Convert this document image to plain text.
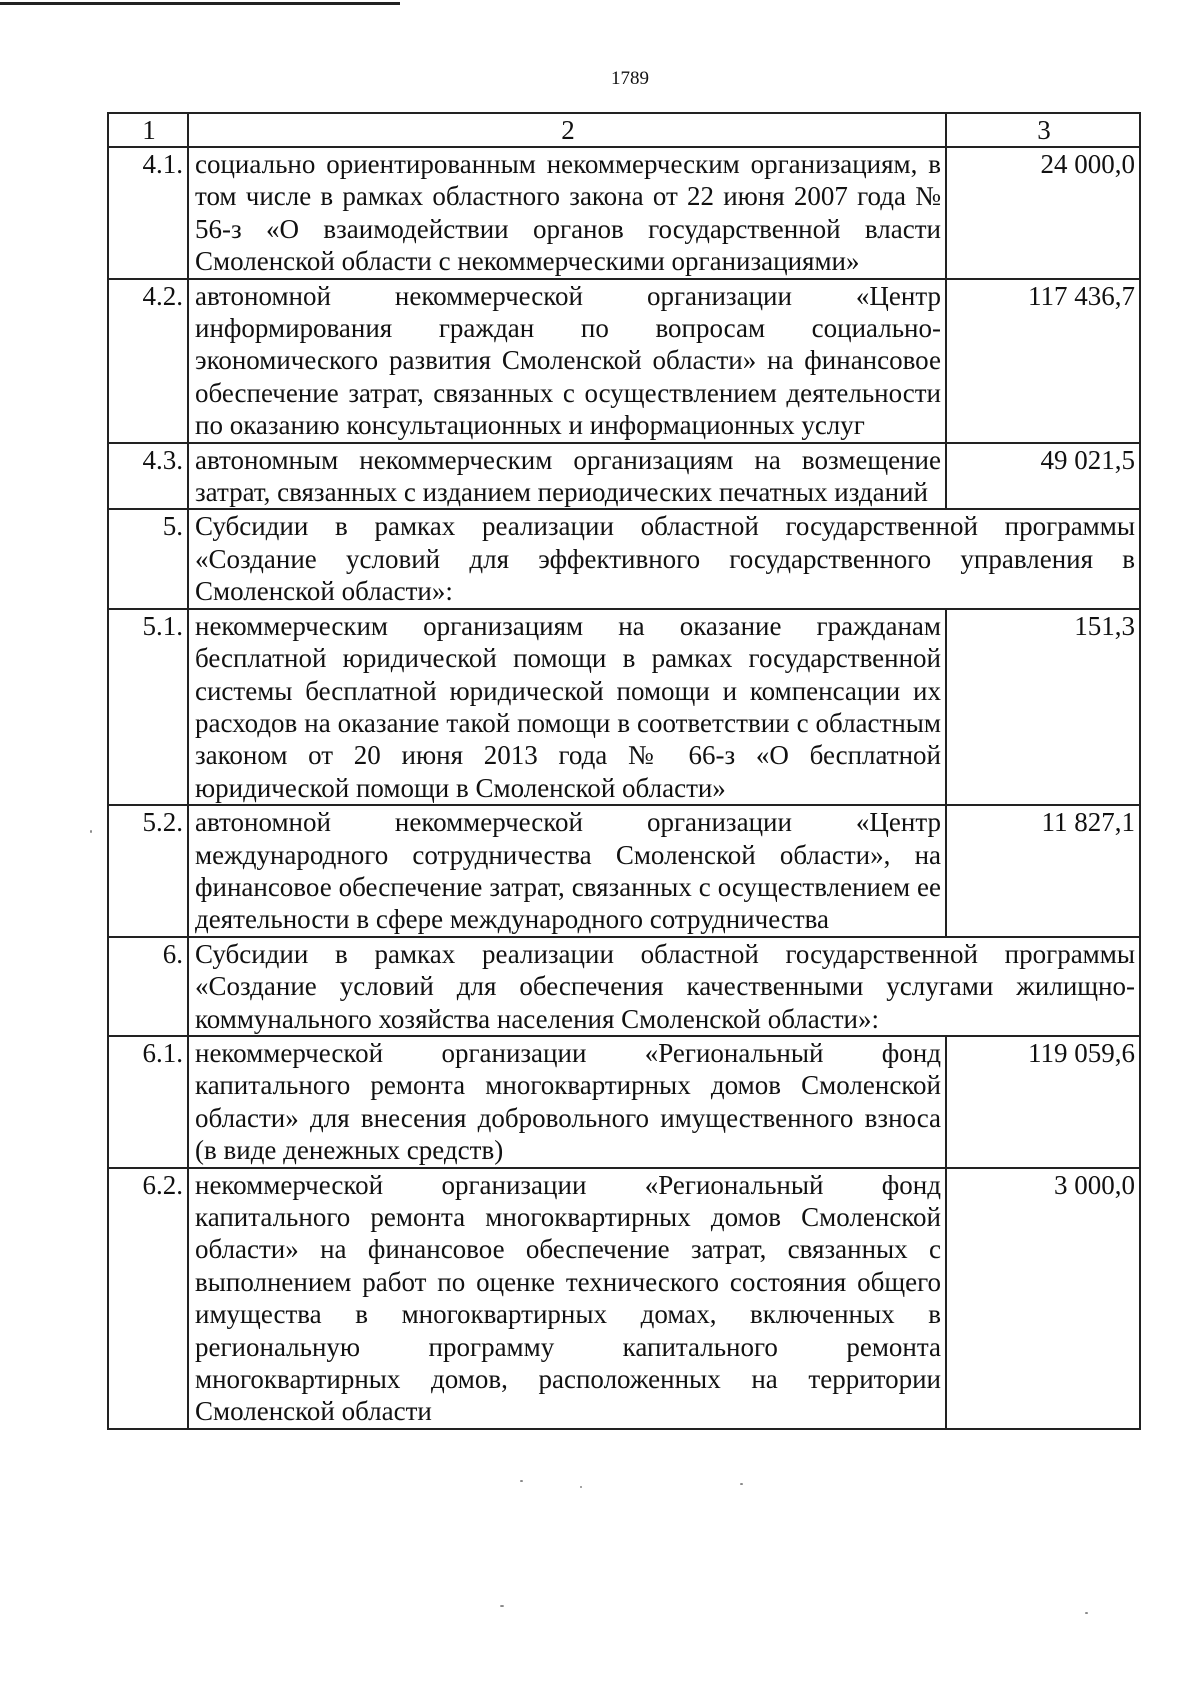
1789
1	2	3
4.1.	социально ориентированным некоммерческим организациям, в том числе в рамках областного закона от 22 июня 2007 года № 56-з «О взаимодействии органов государственной власти Смоленской области с некоммерческими организациями»	24 000,0
4.2.	автономной некоммерческой организации «Центр информирования граждан по вопросам социально-экономического развития Смоленской области» на финансовое обеспечение затрат, связанных с осуществлением деятельности по оказанию консультационных и информационных услуг	117 436,7
4.3.	автономным некоммерческим организациям на возмещение затрат, связанных с изданием периодических печатных изданий	49 021,5
5.	Субсидии в рамках реализации областной государственной программы «Создание условий для эффективного государственного управления в Смоленской области»:	
5.1.	некоммерческим организациям на оказание гражданам бесплатной юридической помощи в рамках государственной системы бесплатной юридической помощи и компенсации их расходов на оказание такой помощи в соответствии с областным законом от 20 июня 2013 года № 66-з «О бесплатной юридической помощи в Смоленской области»	151,3
5.2.	автономной некоммерческой организации «Центр международного сотрудничества Смоленской области», на финансовое обеспечение затрат, связанных с осуществлением ее деятельности в сфере международного сотрудничества	11 827,1
6.	Субсидии в рамках реализации областной государственной программы «Создание условий для обеспечения качественными услугами жилищно-коммунального хозяйства населения Смоленской области»:	
6.1.	некоммерческой организации «Региональный фонд капитального ремонта многоквартирных домов Смоленской области» для внесения добровольного имущественного взноса (в виде денежных средств)	119 059,6
6.2.	некоммерческой организации «Региональный фонд капитального ремонта многоквартирных домов Смоленской области» на финансовое обеспечение затрат, связанных с выполнением работ по оценке технического состояния общего имущества в многоквартирных домах, включенных в региональную программу капитального ремонта многоквартирных домов, расположенных на территории Смоленской области	3 000,0
